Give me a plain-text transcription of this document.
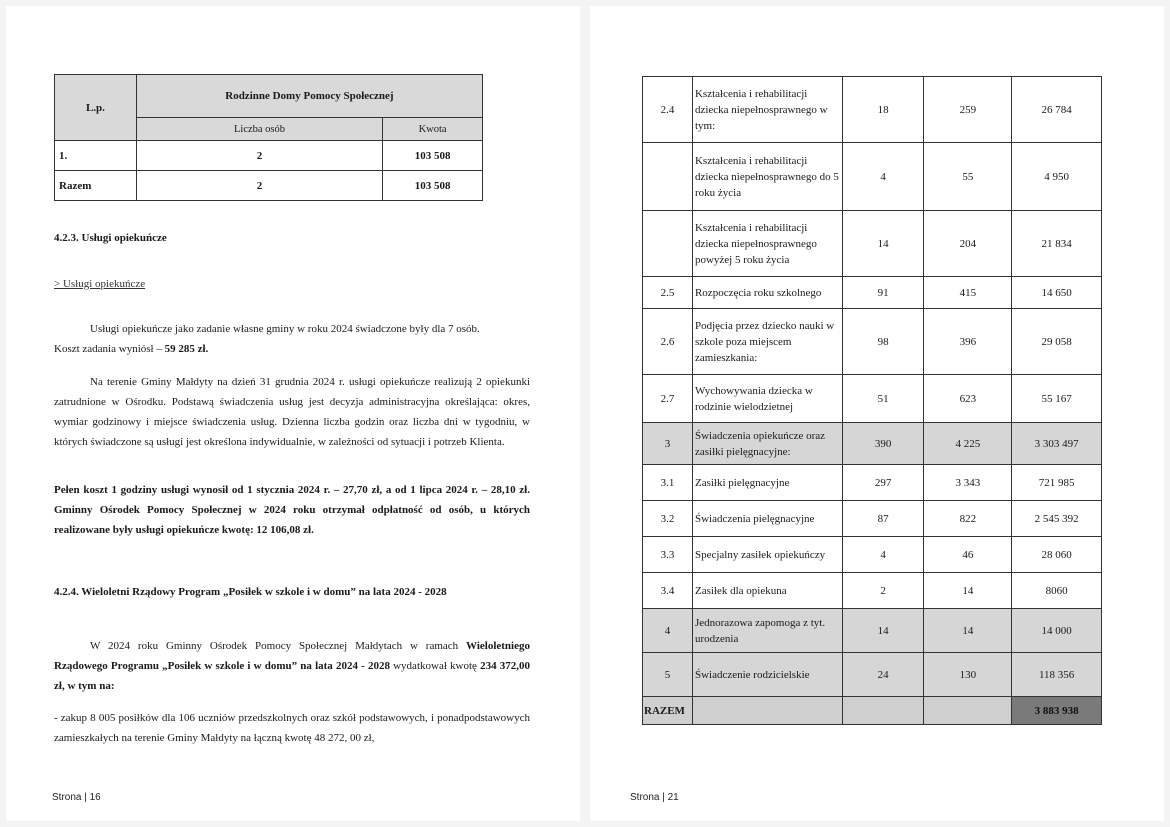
L.p.	Rodzinne Domy Pomocy Społecznej	
	Liczba osób	Kwota
1.	2	103 508
Razem	2	103 508
4.2.3. Usługi opiekuńcze
> Usługi opiekuńcze
Usługi opiekuńcze jako zadanie własne gminy w roku 2024 świadczone były dla 7 osób.
Koszt zadania wyniósł – 59 285 zł.
Na terenie Gminy Małdyty na dzień 31 grudnia 2024 r. usługi opiekuńcze realizują 2 opiekunki zatrudnione w Ośrodku. Podstawą świadczenia usług jest decyzja administracyjna określająca: okres, wymiar godzinowy i miejsce świadczenia usług. Dzienna liczba godzin oraz liczba dni w tygodniu, w których świadczone są usługi jest określona indywidualnie, w zależności od sytuacji i potrzeb Klienta.
Pełen koszt 1 godziny usługi wynosił od 1 stycznia 2024 r. – 27,70 zł, a od 1 lipca 2024 r. – 28,10 zł. Gminny Ośrodek Pomocy Społecznej w 2024 roku otrzymał odpłatność od osób, u których realizowane były usługi opiekuńcze kwotę: 12 106,08 zł.
4.2.4. Wieloletni Rządowy Program „Posiłek w szkole i w domu” na lata 2024 - 2028
W 2024 roku Gminny Ośrodek Pomocy Społecznej Małdytach w ramach Wieloletniego Rządowego Programu „Posiłek w szkole i w domu” na lata 2024 - 2028 wydatkował kwotę 234 372,00 zł, w tym na:
- zakup 8 005 posiłków dla 106 uczniów przedszkolnych oraz szkół podstawowych, i ponadpodstawowych zamieszkałych na terenie Gminy Małdyty na łączną kwotę 48 272, 00 zł,
Strona | 16
2.4	Kształcenia i rehabilitacji dziecka niepełnosprawnego w tym:	18	259	26 784
	Kształcenia i rehabilitacji dziecka niepełnosprawnego do 5 roku życia	4	55	4 950
	Kształcenia i rehabilitacji dziecka niepełnosprawnego powyżej 5 roku życia	14	204	21 834
2.5	Rozpoczęcia roku szkolnego	91	415	14 650
2.6	Podjęcia przez dziecko nauki w szkole poza miejscem zamieszkania:	98	396	29 058
2.7	Wychowywania dziecka w rodzinie wielodzietnej	51	623	55 167
3	Świadczenia opiekuńcze oraz zasiłki pielęgnacyjne:	390	4 225	3 303 497
3.1	Zasiłki pielęgnacyjne	297	3 343	721 985
3.2	Świadczenia pielęgnacyjne	87	822	2 545 392
3.3	Specjalny zasiłek opiekuńczy	4	46	28 060
3.4	Zasiłek dla opiekuna	2	14	8060
4	Jednorazowa zapomoga z tyt. urodzenia	14	14	14 000
5	Świadczenie rodzicielskie	24	130	118 356
RAZEM				3 883 938
Strona | 21
